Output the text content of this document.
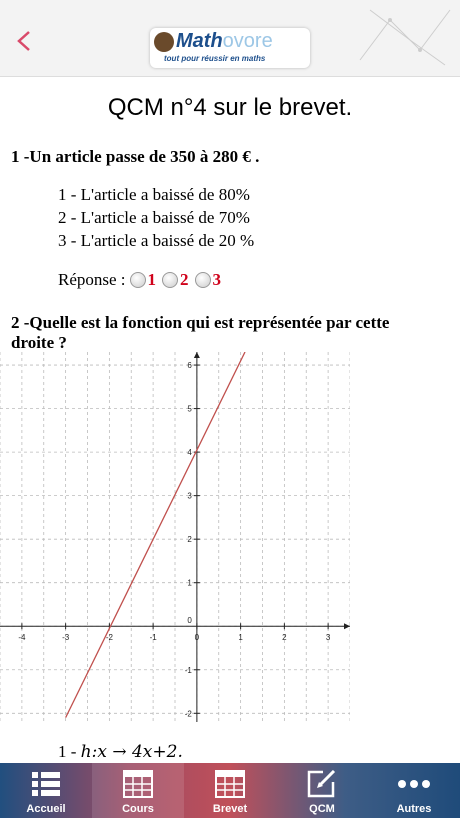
Mathovore
tout pour réussir en maths
QCM n°4 sur le brevet.
1 -Un article passe de 350 à 280 € .
1 - L'article a baissé de 80%
2 - L'article a baissé de 70%
3 - L'article a baissé de 20 %
Réponse : 1 2 3
2 -Quelle est la fonction qui est représentée par cette
droite ?
-4	-3	-2	-1	0	1	2	3
-2
-1
1
2
3
4
5
6
0
1 - h:x → 4x+2.
Accueil	Cours	Brevet	QCM	Autres
